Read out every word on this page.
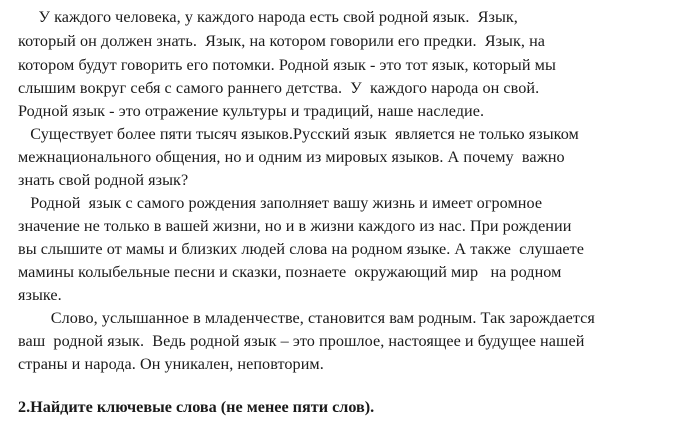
У каждого человека, у каждого народа есть свой родной язык.  Язык,
который он должен знать.  Язык, на котором говорили его предки.  Язык, на
котором будут говорить его потомки. Родной язык - это тот язык, который мы
слышим вокруг себя с самого раннего детства.  У  каждого народа он свой.
Родной язык - это отражение культуры и традиций, наше наследие.
Существует более пяти тысяч языков.Русский язык  является не только языком
межнационального общения, но и одним из мировых языков. А почему  важно
знать свой родной язык?
Родной  язык с самого рождения заполняет вашу жизнь и имеет огромное
значение не только в вашей жизни, но и в жизни каждого из нас. При рождении
вы слышите от мамы и близких людей слова на родном языке. А также  слушаете
мамины колыбельные песни и сказки, познаете  окружающий мир   на родном
языке.
Слово, услышанное в младенчестве, становится вам родным. Так зарождается
ваш  родной язык.  Ведь родной язык – это прошлое, настоящее и будущее нашей
страны и народа. Он уникален, неповторим.
2.Найдите ключевые слова (не менее пяти слов).
